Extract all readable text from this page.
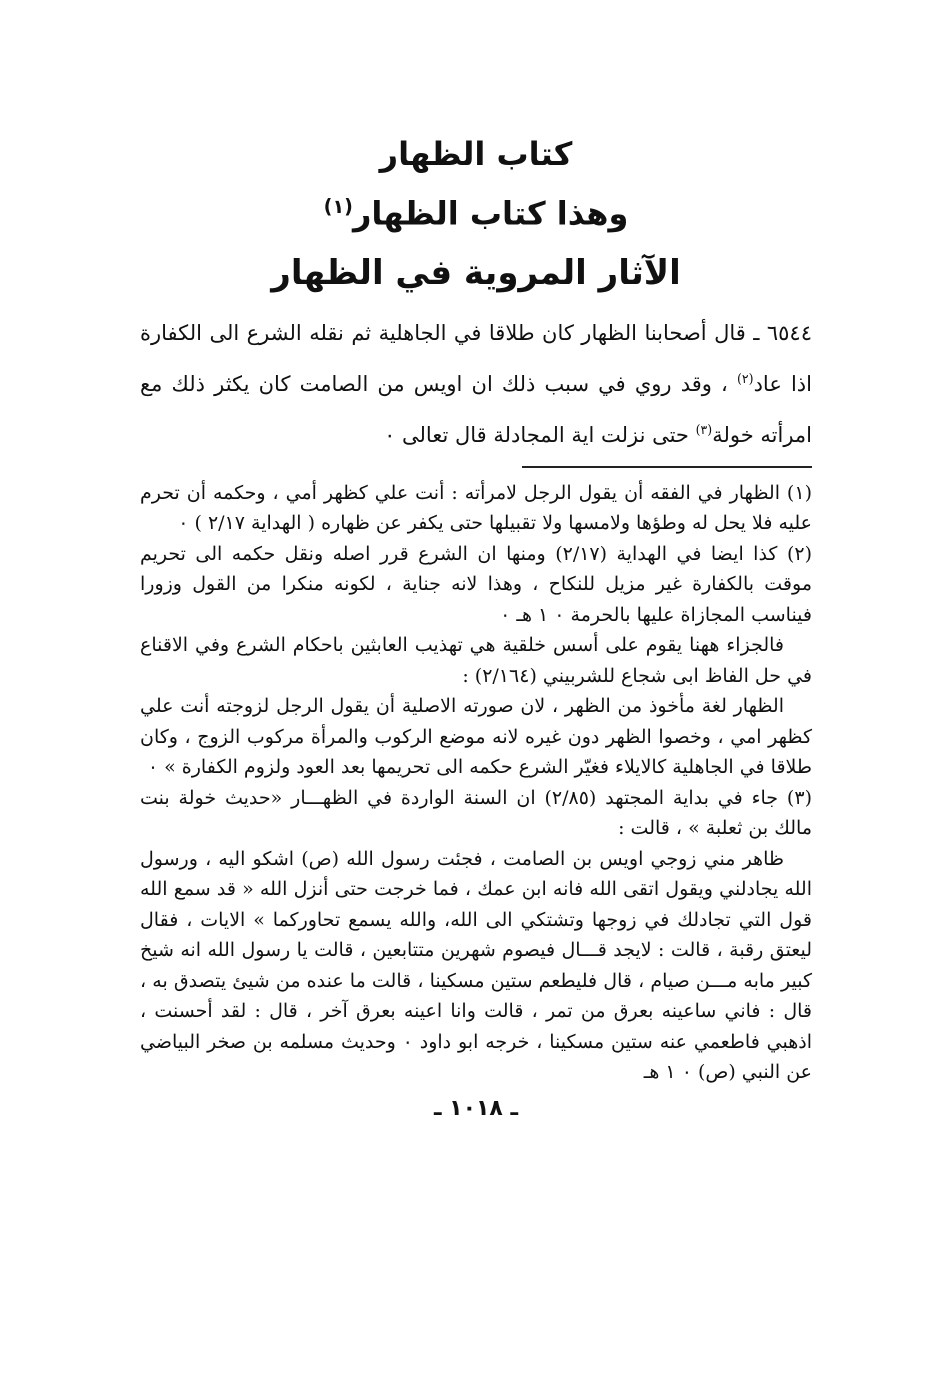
كتاب الظهار
وهذا كتاب الظهار$^{(١)}$
الآثار المروية في الظهار

٦٥٤٤ ـ قال أصحابنا الظهار كان طلاقا في الجاهلية ثم نقله الشرع الى الكفارة اذا عاد$^{(٢)}$ ، وقد روي في سبب ذلك ان اويس من الصامت كان يكثر ذلك مع امرأته خولة$^{(٣)}$ حتى نزلت اية المجادلة قال تعالى ٠

(١) الظهار في الفقه أن يقول الرجل لامرأته : أنت علي كظهر أمي ، وحكمه أن تحرم عليه فلا يحل له وطؤها ولامسها ولا تقبيلها حتى يكفر عن ظهاره ( الهداية ٢/١٧ ) ٠

(٢) كذا ايضا في الهداية (٢/١٧) ومنها ان الشرع قرر اصله ونقل حكمه الى تحريم موقت بالكفارة غير مزيل للنكاح ، وهذا لانه جناية ، لكونه منكرا من القول وزورا فيناسب المجازاة عليها بالحرمة ٠ ١ هـ ٠

فالجزاء ههنا يقوم على أسس خلقية هي تهذيب العابثين باحكام الشرع وفي الاقناع في حل الفاظ ابى شجاع للشربيني (٢/١٦٤) :

الظهار لغة مأخوذ من الظهر ، لان صورته الاصلية أن يقول الرجل لزوجته أنت علي كظهر امي ، وخصوا الظهر دون غيره لانه موضع الركوب والمرأة مركوب الزوج ، وكان طلاقا في الجاهلية كالايلاء فغيّر الشرع حكمه الى تحريمها بعد العود ولزوم الكفارة » ٠

(٣) جاء في بداية المجتهد (٢/٨٥) ان السنة الواردة في الظهـــار «حديث خولة بنت مالك بن ثعلبة » ، قالت :

ظاهر مني زوجي اويس بن الصامت ، فجئت رسول الله (ص) اشكو اليه ، ورسول الله يجادلني ويقول اتقى الله فانه ابن عمك ، فما خرجت حتى أنزل الله « قد سمع الله قول التي تجادلك في زوجها وتشتكي الى الله، والله يسمع تحاوركما » الايات ، فقال ليعتق رقبة ، قالت : لايجد قـــال فيصوم شهرين متتابعين ، قالت يا رسول الله انه شيخ كبير مابه مـــن صيام ، قال فليطعم ستين مسكينا ، قالت ما عنده من شيئ يتصدق به ، قال : فاني ساعينه بعرق من تمر ، قالت وانا اعينه بعرق آخر ، قال : لقد أحسنت ، اذهبي فاطعمي عنه ستين مسكينا ، خرجه ابو داود ٠ وحديث مسلمه بن صخر البياضي عن النبي (ص) ٠ ١ هـ

ـ ١٠١٨ ـ
